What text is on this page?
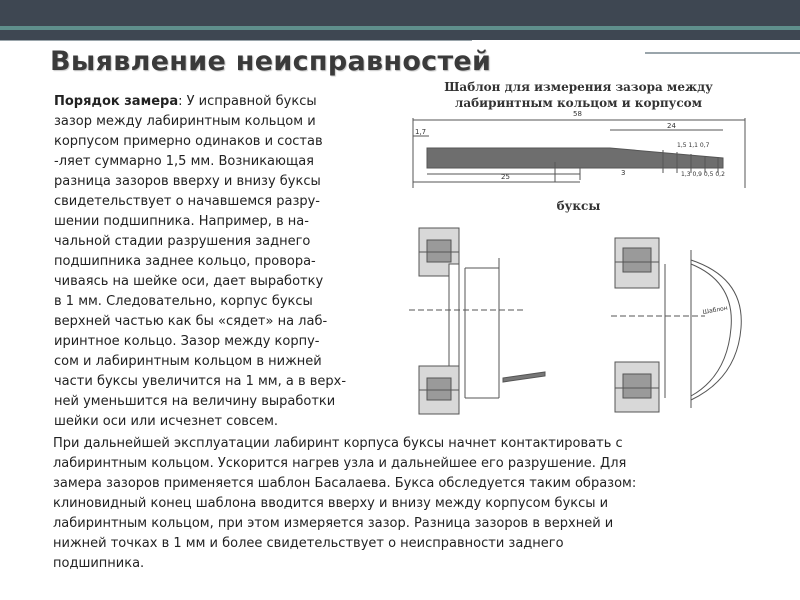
Выявление неисправностей
Порядок замера: У исправной буксы
зазор между лабиринтным кольцом и
корпусом примерно одинаков и состав
-ляет суммарно 1,5 мм. Возникающая
разница зазоров вверху и внизу буксы
свидетельствует о начавшемся разру-
шении подшипника. Например, в на-
чальной стадии разрушения заднего
подшипника заднее кольцо, провора-
чиваясь на шейке оси, дает выработку
в 1 мм. Следовательно, корпус буксы
верхней частью как бы «сядет» на лаб-
иринтное кольцо. Зазор между корпу-
сом и лабиринтным кольцом в нижней
части буксы увеличится на 1 мм, а в верх-
ней уменьшится на величину выработки
шейки оси или исчезнет совсем.
Шаблон для измерения зазора между
лабиринтным кольцом и корпусом
буксы
1,7
58
24
1,5 1,1 0,7
1,3 0,9 0,5 0,2
25	3
Шаблон
При дальнейшей эксплуатации лабиринт корпуса буксы начнет контактировать с
лабиринтным кольцом. Ускорится нагрев узла и дальнейшее его разрушение. Для
замера зазоров применяется шаблон Басалаева. Букса обследуется таким образом:
клиновидный конец шаблона вводится вверху и внизу между корпусом буксы и
лабиринтным кольцом, при этом измеряется зазор. Разница зазоров в верхней и
нижней точках в 1 мм и более свидетельствует о неисправности заднего
подшипника.
